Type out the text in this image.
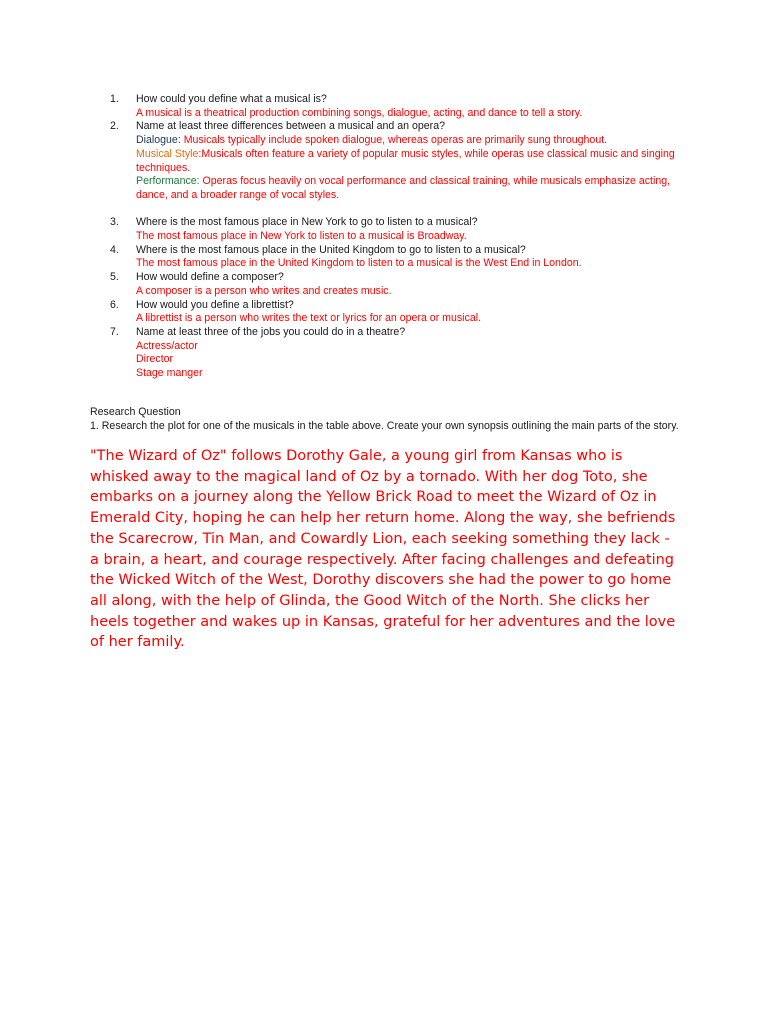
1.	How could you define what a musical is?
A musical is a theatrical production combining songs, dialogue, acting, and dance to tell a story.
2.	Name at least three differences between a musical and an opera?
Dialogue: Musicals typically include spoken dialogue, whereas operas are primarily sung throughout.
Musical Style:Musicals often feature a variety of popular music styles, while operas use classical music and singing techniques.
Performance: Operas focus heavily on vocal performance and classical training, while musicals emphasize acting, dance, and a broader range of vocal styles.
3.	Where is the most famous place in New York to go to listen to a musical?
The most famous place in New York to listen to a musical is Broadway.
4.	Where is the most famous place in the United Kingdom to go to listen to a musical?
The most famous place in the United Kingdom to listen to a musical is the West End in London.
5.	How would define a composer?
A composer is a person who writes and creates music.
6.	How would you define a librettist?
A librettist is a person who writes the text or lyrics for an opera or musical.
7.	Name at least three of the jobs you could do in a theatre?
Actress/actor
Director
Stage manger
Research Question
1. Research the plot for one of the musicals in the table above. Create your own synopsis outlining the main parts of the story.
"The Wizard of Oz" follows Dorothy Gale, a young girl from Kansas who is whisked away to the magical land of Oz by a tornado. With her dog Toto, she embarks on a journey along the Yellow Brick Road to meet the Wizard of Oz in Emerald City, hoping he can help her return home. Along the way, she befriends the Scarecrow, Tin Man, and Cowardly Lion, each seeking something they lack - a brain, a heart, and courage respectively. After facing challenges and defeating the Wicked Witch of the West, Dorothy discovers she had the power to go home all along, with the help of Glinda, the Good Witch of the North. She clicks her heels together and wakes up in Kansas, grateful for her adventures and the love of her family.
